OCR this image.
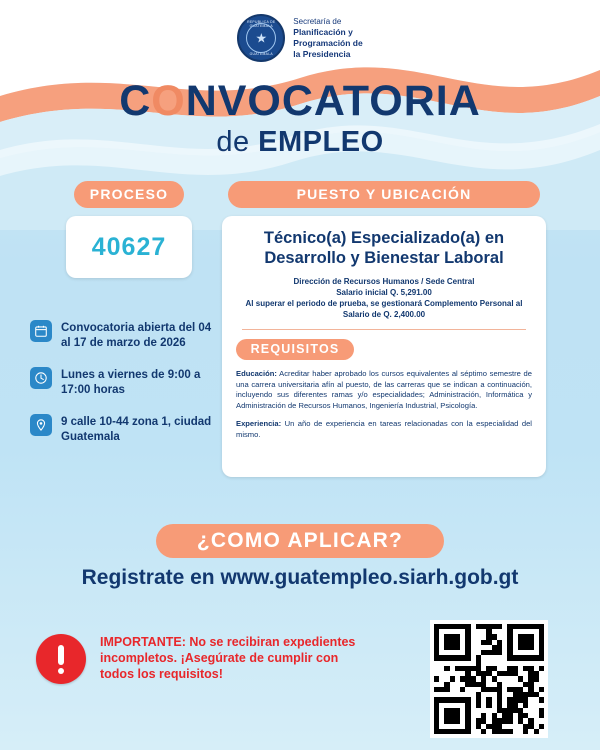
REPUBLICA DE GUATEMALA
★
GUATEMALA
Secretaría de
Planificación y
Programación de
la Presidencia
CONVOCATORIA
de EMPLEO
PROCESO
40627
PUESTO Y UBICACIÓN
Técnico(a) Especializado(a) en Desarrollo y Bienestar Laboral
Dirección de Recursos Humanos / Sede Central
Salario inicial Q. 5,291.00
Al superar el periodo de prueba, se gestionará Complemento Personal al Salario de Q. 2,400.00
REQUISITOS
Educación: Acreditar haber aprobado los cursos equivalentes al séptimo semestre de una carrera universitaria afín al puesto, de las carreras que se indican a continuación, incluyendo sus diferentes ramas y/o especialidades; Administración, Informática y Administración de Recursos Humanos, Ingeniería Industrial, Psicología.
Experiencia: Un año de experiencia en tareas relacionadas con la especialidad del mismo.
Convocatoria abierta del 04 al 17 de marzo de 2026
Lunes a viernes de 9:00 a 17:00 horas
9 calle 10-44 zona 1, ciudad Guatemala
¿COMO APLICAR?
Registrate en www.guatempleo.siarh.gob.gt
IMPORTANTE: No se recibiran expedientes incompletos. ¡Asegúrate de cumplir con todos los requisitos!
